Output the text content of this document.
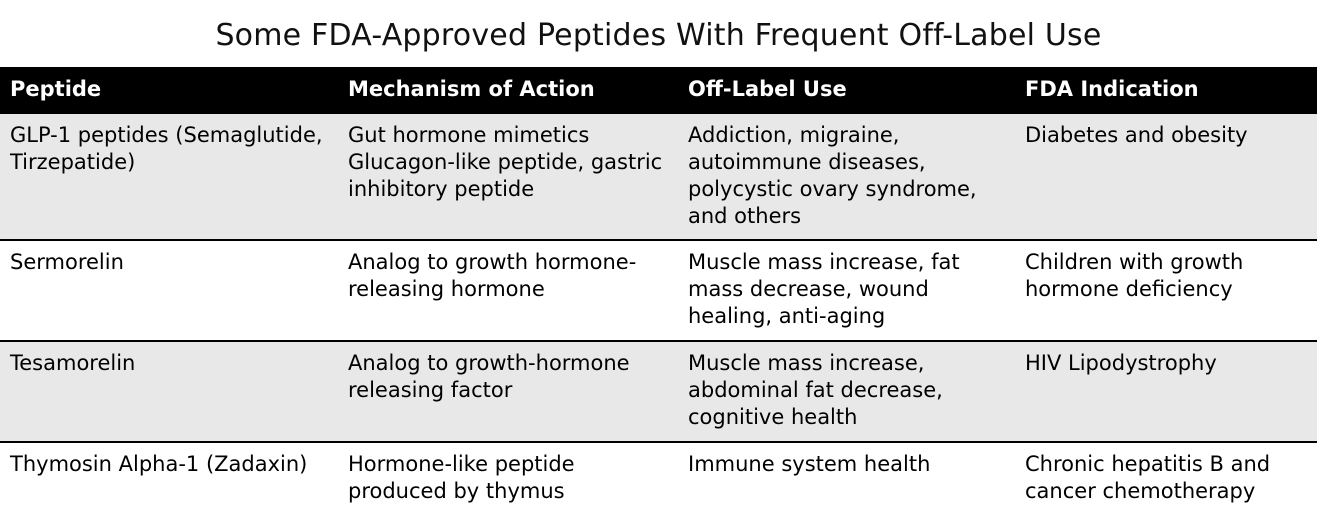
Some FDA-Approved Peptides With Frequent Off-Label Use
Peptide	Mechanism of Action	Off-Label Use	FDA Indication
GLP-1 peptides (Semaglutide, Tirzepatide)	Gut hormone mimetics Glucagon-like peptide, gastric inhibitory peptide	Addiction, migraine, autoimmune diseases, polycystic ovary syndrome, and others	Diabetes and obesity
Sermorelin	Analog to growth hormone-releasing hormone	Muscle mass increase, fat mass decrease, wound healing, anti-aging	Children with growth hormone deficiency
Tesamorelin	Analog to growth-hormone releasing factor	Muscle mass increase, abdominal fat decrease, cognitive health	HIV Lipodystrophy
Thymosin Alpha-1 (Zadaxin)	Hormone-like peptide produced by thymus	Immune system health	Chronic hepatitis B and cancer chemotherapy
